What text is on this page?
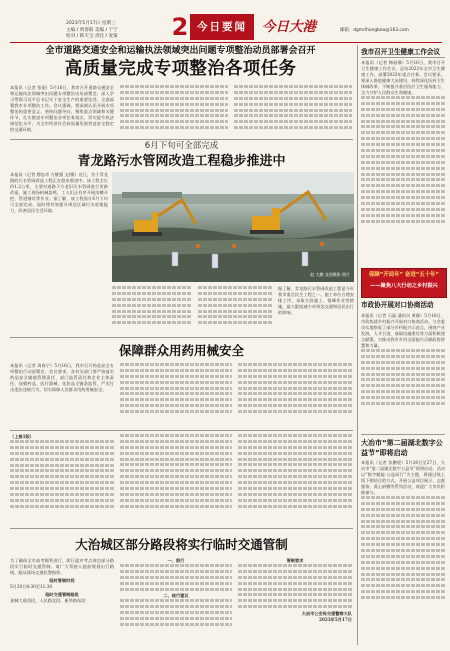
2023年5月17日 星期三
主编 / 周春阳 美编 / 于宁
校对 / 韩天宝 责任 / 麦菊	2 今日要闻	今日大港	邮箱：dgmrlhongbao@163.com
全市道路交通安全和运输执法领域突出问题专项整治动员部署会召开
高质量完成专项整治各项任务
本报讯（记者 张丽）5月16日，我市召开道路交通安全和运输执法领域突出问题专项整治动员部署会，深入学习贯彻习近平总书记关于安全生产的重要论述，全面部署我市专项整治工作。会议强调，要深刻认识开展专项整治的重要意义，坚持问题导向，聚焦重点领域和关键环节，扎实推进专项整治各项任务落实，切实提升执法规范化水平，为全市经济社会高质量发展营造安全稳定的交通环境。
6月下旬可全部完成
青龙路污水管网改造工程稳步推进中
本报讯（记者 穆忠奇 方继强 文/摄）近日，位于青龙路的污水管网改造工程正在稳步推进中。该工程全长约1.2公里，主要对道路下方老旧污水管网进行更新改造，施工现场机械轰鸣，工人们正有序开展沟槽开挖、管道铺设等作业。据了解，该工程预计6月下旬可全部完成，届时将有效提升周边区域污水收集能力，改善居民生活环境。
赵 大鹏 龙图摄影 照片
据了解，青龙路污水管网改造工程是今年我市重点民生工程之一。施工单位合理安排工序，采取分段施工、错峰作业等措施，最大限度减少对周边交通和居民出行的影响。
保障群众用药用械安全
本报讯（记者 周春宁）5月16日，我市召开药品安全专项整治行动部署会。会议要求，各有关部门要严格落实药品安全属地管理责任、部门监管责任和企业主体责任，加强药品、医疗器械、化妆品全链条监管，严厉打击违法违规行为，切实保障人民群众用药用械安全。
（上接1版）
大治城区部分路段将实行临时交通管制
为了确保全市高考顺利进行，即日起对考点周边部分路段实行临时交通管制。请广大驾驶人提前规划出行路线，服从现场交通民警指挥。
临时管制时间
5月20日8:30至11:30
临时交通管制路段
金城大道西段、人民路北段、新华路东段
一、限行
二、绕行建议
管制要求
大冶市公安局交通警察大队
2023年5月17日
我市召开卫生健康工作会议
本报讯（记者 韩丽娜）5月16日，我市召开卫生健康工作会议，总结2022年全市卫生健康工作，部署2023年重点任务。会议要求，要深入推进健康大冶建设，持续深化医药卫生体制改革，不断提升基层医疗卫生服务能力，全力守护人民群众生命健康。
保障“开局年” 奋进“五十年”
——聚焦八大行动之乡村振兴
市政协开展对口协商活动
本报讯（记者 石磊 通讯员 黄静）5月16日，市政协就乡村振兴开展对口协商活动。与会委员实地察看了部分乡村振兴示范点，围绕产业发展、人才引进、基础设施建设等方面积极建言献策，为推动我市乡村全面振兴贡献政协智慧和力量。
大冶市“第二届湖北数字公益节”即将启动
本报讯（记者 张鹏程）5月26日至27日，大冶市“第二届湖北数字公益节”即将启动。活动以“数字赋能·公益同行”为主题，将通过线上线下相结合的方式，开展公益项目展示、志愿服务、爱心捐赠等系列活动，欢迎广大市民积极参与。
